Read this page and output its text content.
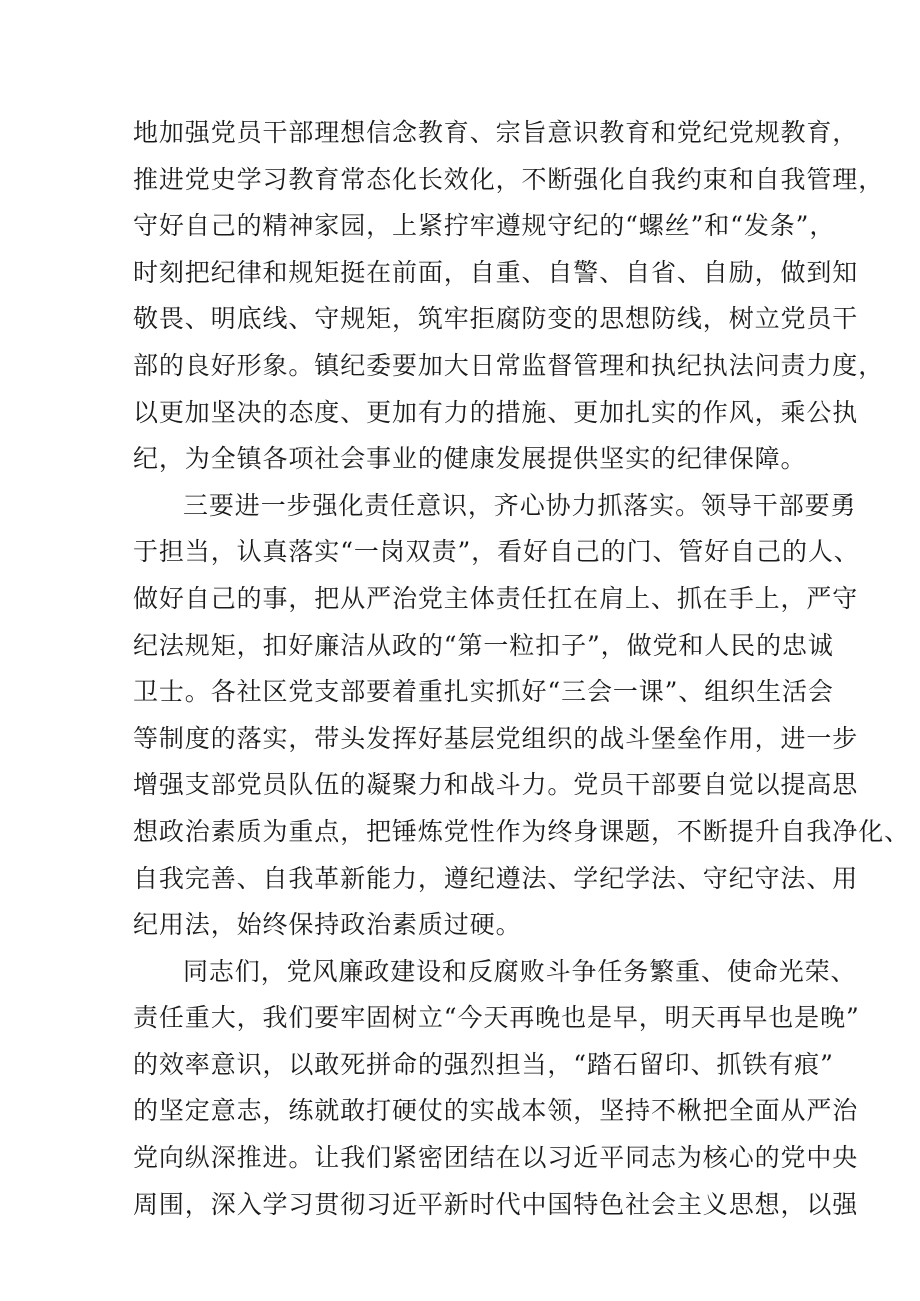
地加强党员干部理想信念教育、宗旨意识教育和党纪党规教育，
推进党史学习教育常态化长效化，不断强化自我约束和自我管理，
守好自己的精神家园，上紧拧牢遵规守纪的“螺丝”和“发条”，
时刻把纪律和规矩挺在前面，自重、自警、自省、自励，做到知
敬畏、明底线、守规矩，筑牢拒腐防变的思想防线，树立党员干
部的良好形象。镇纪委要加大日常监督管理和执纪执法问责力度，
以更加坚决的态度、更加有力的措施、更加扎实的作风，乘公执
纪，为全镇各项社会事业的健康发展提供坚实的纪律保障。
三要进一步强化责任意识，齐心协力抓落实。领导干部要勇
于担当，认真落实“一岗双责”，看好自己的门、管好自己的人、
做好自己的事，把从严治党主体责任扛在肩上、抓在手上，严守
纪法规矩，扣好廉洁从政的“第一粒扣子”，做党和人民的忠诚
卫士。各社区党支部要着重扎实抓好“三会一课”、组织生活会
等制度的落实，带头发挥好基层党组织的战斗堡垒作用，进一步
增强支部党员队伍的凝聚力和战斗力。党员干部要自觉以提高思
想政治素质为重点，把锤炼党性作为终身课题，不断提升自我净化、
自我完善、自我革新能力，遵纪遵法、学纪学法、守纪守法、用
纪用法，始终保持政治素质过硬。
同志们，党风廉政建设和反腐败斗争任务繁重、使命光荣、
责任重大，我们要牢固树立“今天再晚也是早，明天再早也是晚”
的效率意识，以敢死拼命的强烈担当，“踏石留印、抓铁有痕”
的坚定意志，练就敢打硬仗的实战本领，坚持不楸把全面从严治
党向纵深推进。让我们紧密团结在以习近平同志为核心的党中央
周围，深入学习贯彻习近平新时代中国特色社会主义思想，以强
